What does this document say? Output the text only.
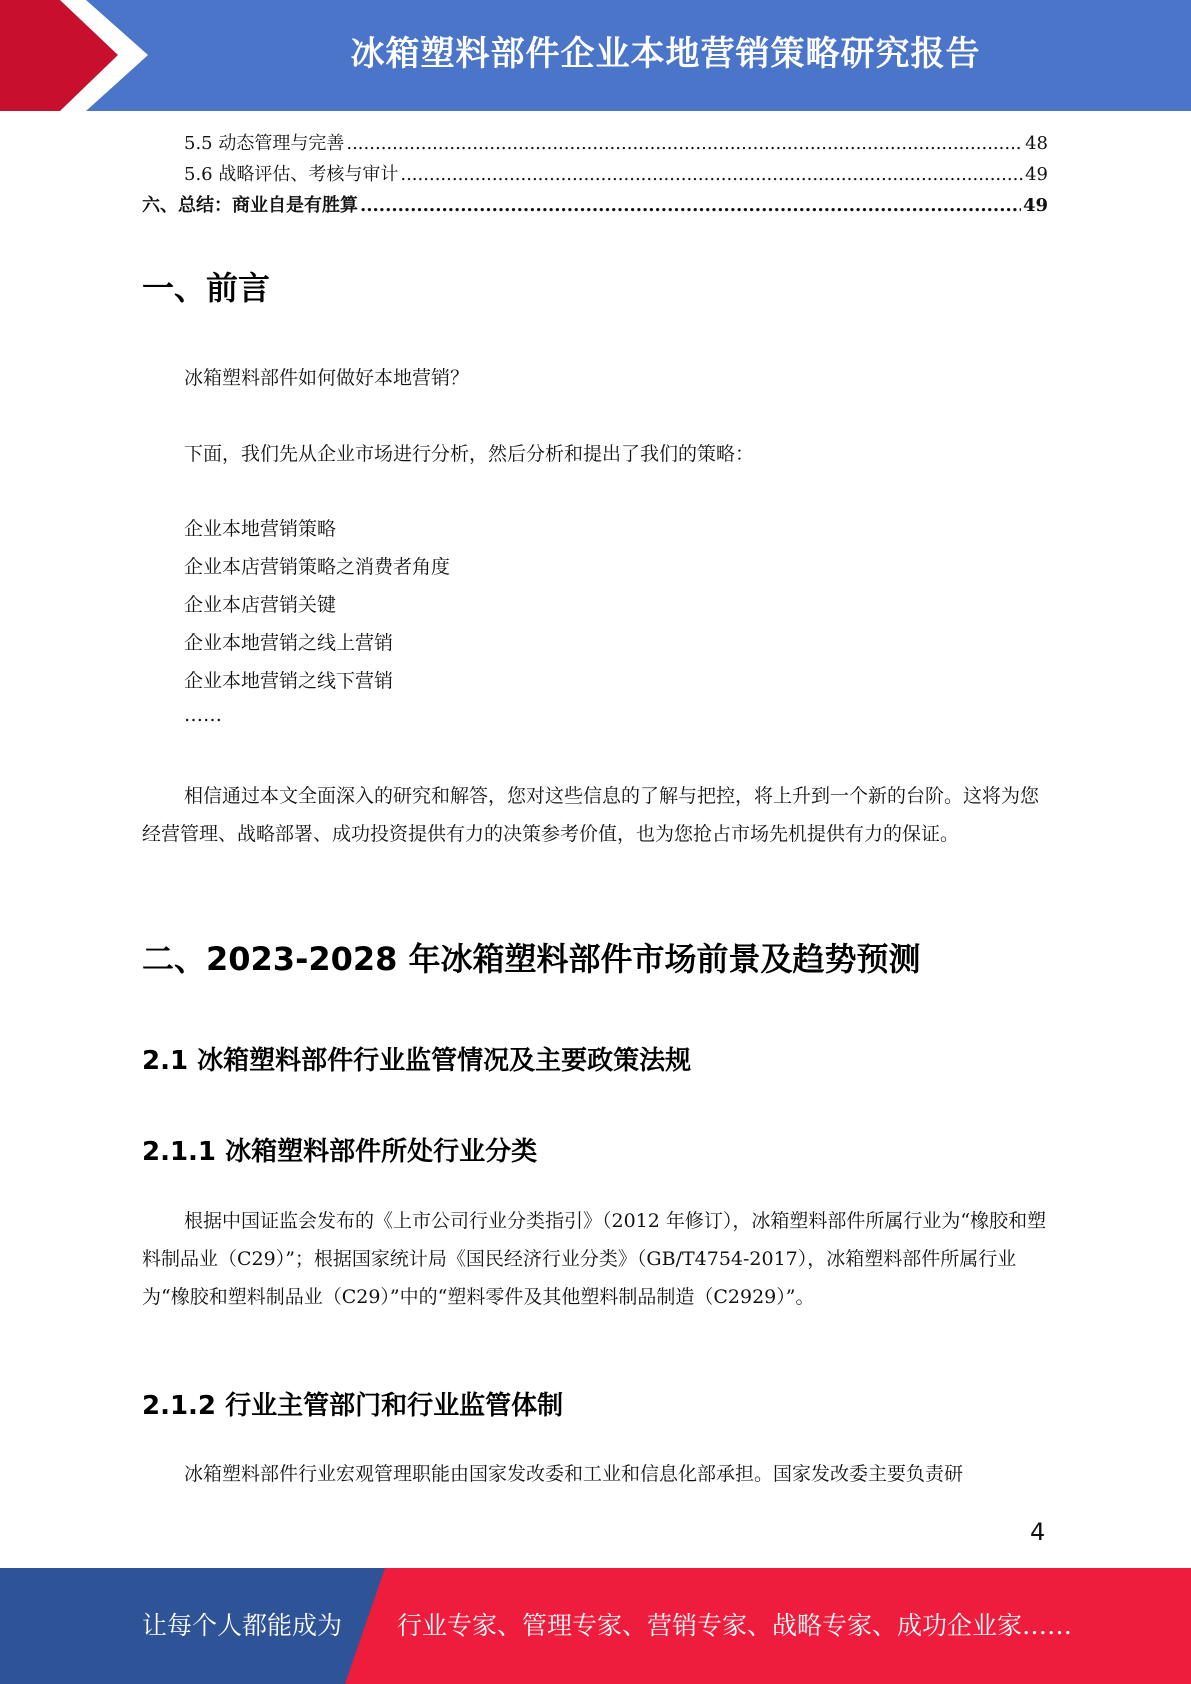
冰箱塑料部件企业本地营销策略研究报告
5.5 动态管理与完善 .....	48
5.6 战略评估、考核与审计 .....	49
六、总结：商业自是有胜算 .....	49
一、前言
冰箱塑料部件如何做好本地营销？
下面，我们先从企业市场进行分析，然后分析和提出了我们的策略：
企业本地营销策略
企业本店营销策略之消费者角度
企业本店营销关键
企业本地营销之线上营销
企业本地营销之线下营销
……
相信通过本文全面深入的研究和解答，您对这些信息的了解与把控，将上升到一个新的台阶。这将为您经营管理、战略部署、成功投资提供有力的决策参考价值，也为您抢占市场先机提供有力的保证。
二、2023-2028 年冰箱塑料部件市场前景及趋势预测
2.1 冰箱塑料部件行业监管情况及主要政策法规
2.1.1 冰箱塑料部件所处行业分类
根据中国证监会发布的《上市公司行业分类指引》（2012 年修订），冰箱塑料部件所属行业为“橡胶和塑料制品业（C29）”；根据国家统计局《国民经济行业分类》（GB/T4754-2017），冰箱塑料部件所属行业为“橡胶和塑料制品业（C29）”中的“塑料零件及其他塑料制品制造（C2929）”。
2.1.2 行业主管部门和行业监管体制
冰箱塑料部件行业宏观管理职能由国家发改委和工业和信息化部承担。国家发改委主要负责研
4
让每个人都能成为 行业专家、管理专家、营销专家、战略专家、成功企业家……
